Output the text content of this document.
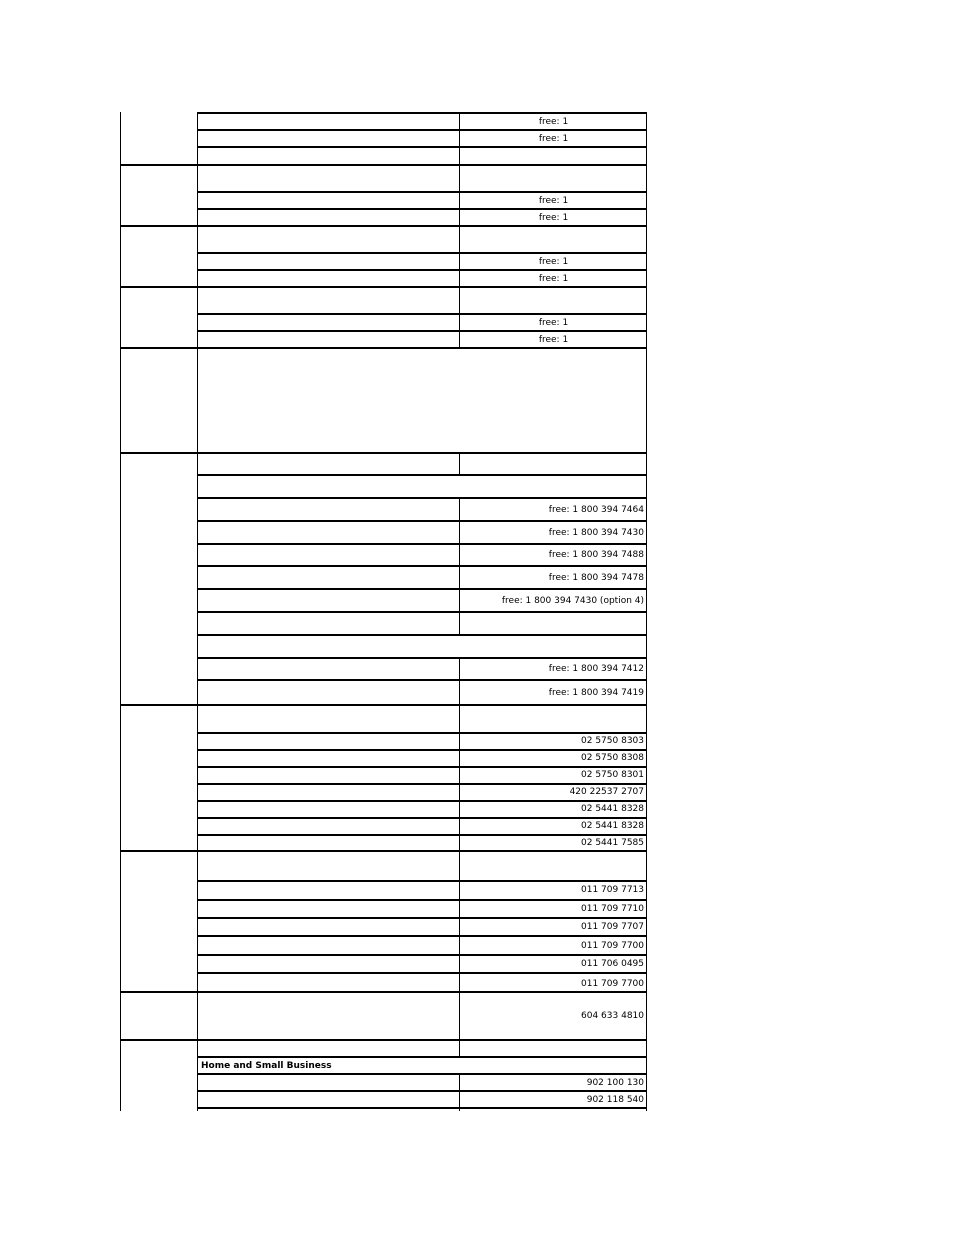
free: 1
free: 1
free: 1
free: 1
free: 1
free: 1
free: 1
free: 1
free: 1 800 394 7464
free: 1 800 394 7430
free: 1 800 394 7488
free: 1 800 394 7478
free: 1 800 394 7430 (option 4)
free: 1 800 394 7412
free: 1 800 394 7419
02 5750 8303
02 5750 8308
02 5750 8301
420 22537 2707
02 5441 8328
02 5441 8328
02 5441 7585
011 709 7713
011 709 7710
011 709 7707
011 709 7700
011 706 0495
011 709 7700
604 633 4810
Home and Small Business
902 100 130
902 118 540
